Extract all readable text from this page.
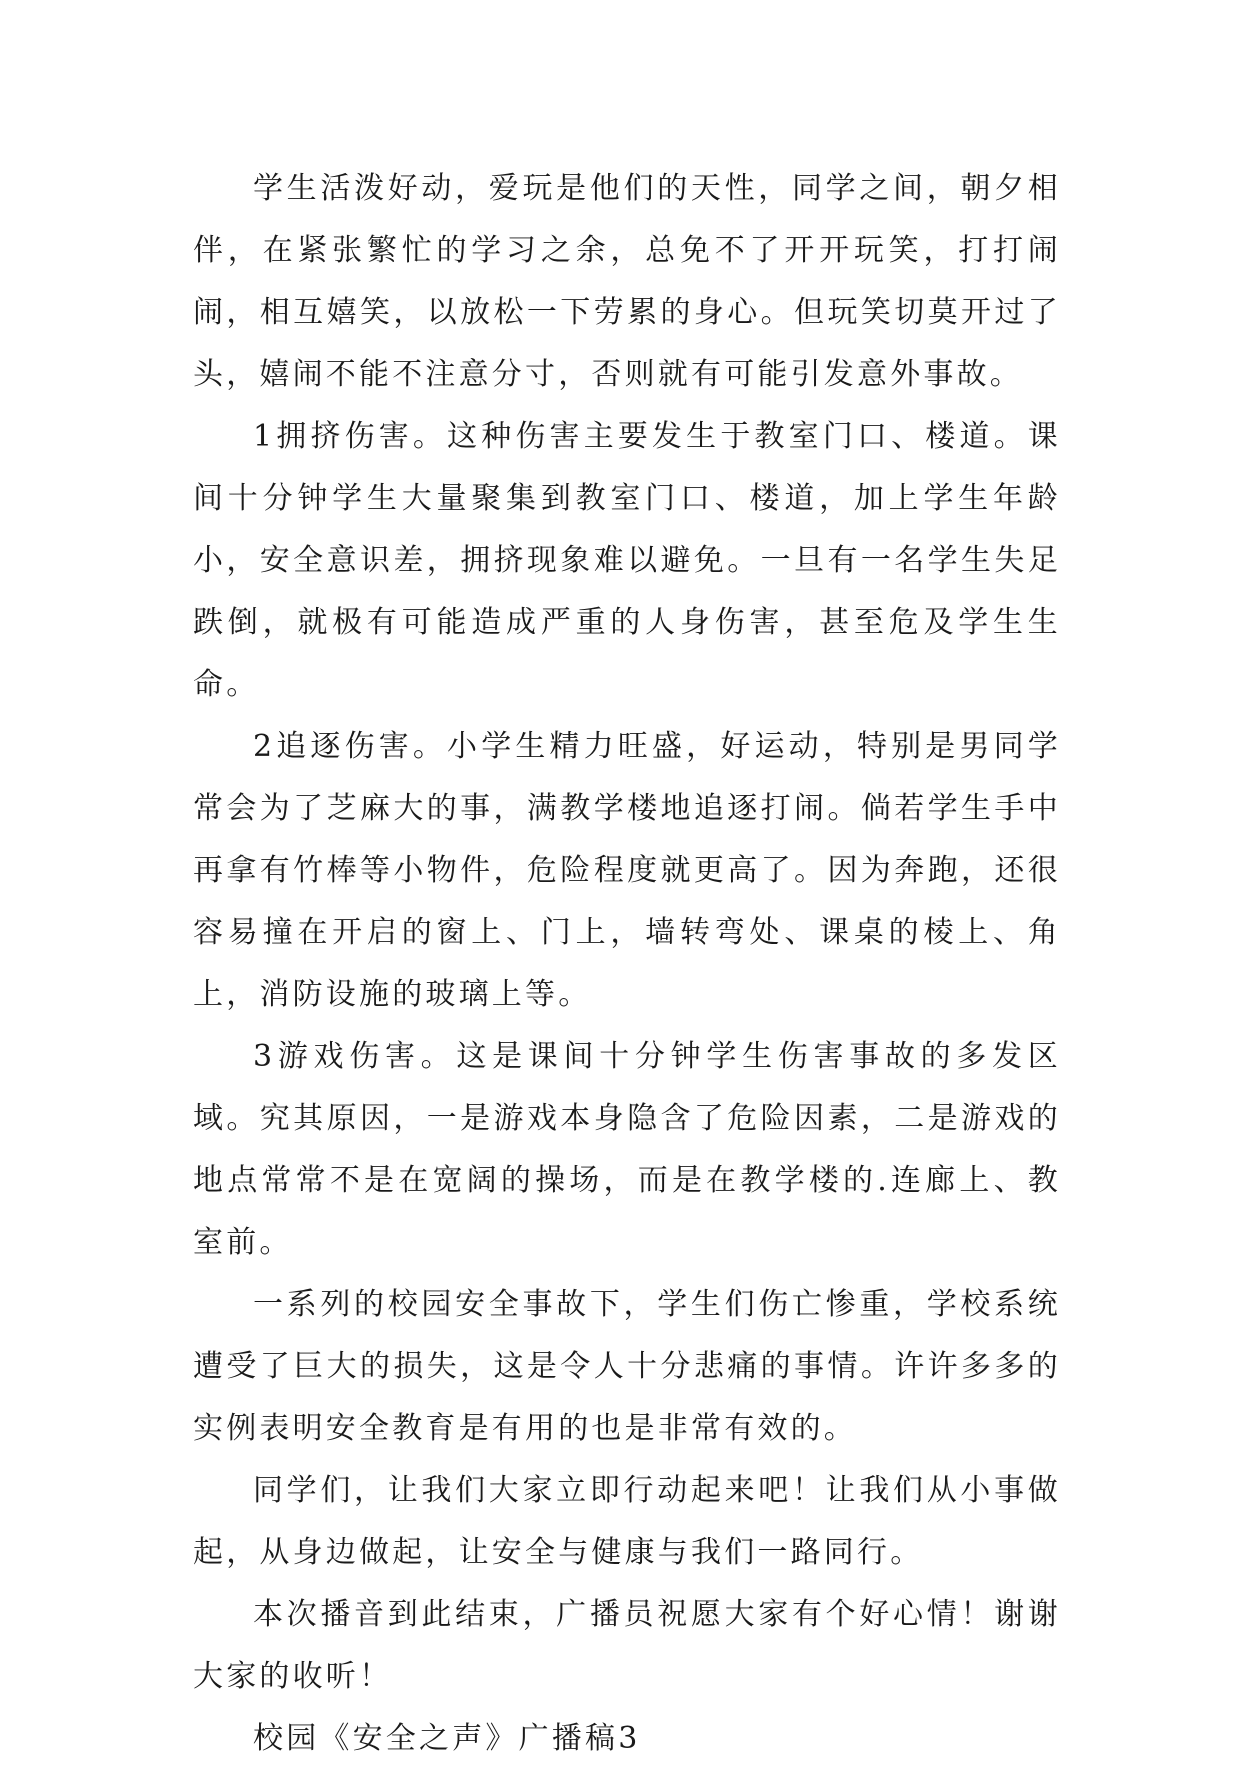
学生活泼好动，爱玩是他们的天性，同学之间，朝夕相伴，在紧张繁忙的学习之余，总免不了开开玩笑，打打闹闹，相互嬉笑，以放松一下劳累的身心。但玩笑切莫开过了头，嬉闹不能不注意分寸，否则就有可能引发意外事故。

1拥挤伤害。这种伤害主要发生于教室门口、楼道。课间十分钟学生大量聚集到教室门口、楼道，加上学生年龄小，安全意识差，拥挤现象难以避免。一旦有一名学生失足跌倒，就极有可能造成严重的人身伤害，甚至危及学生生命。

2追逐伤害。小学生精力旺盛，好运动，特别是男同学常会为了芝麻大的事，满教学楼地追逐打闹。倘若学生手中再拿有竹棒等小物件，危险程度就更高了。因为奔跑，还很容易撞在开启的窗上、门上，墙转弯处、课桌的棱上、角上，消防设施的玻璃上等。

3游戏伤害。这是课间十分钟学生伤害事故的多发区域。究其原因，一是游戏本身隐含了危险因素，二是游戏的地点常常不是在宽阔的操场，而是在教学楼的.连廊上、教室前。

一系列的校园安全事故下，学生们伤亡惨重，学校系统遭受了巨大的损失，这是令人十分悲痛的事情。许许多多的实例表明安全教育是有用的也是非常有效的。

同学们，让我们大家立即行动起来吧！让我们从小事做起，从身边做起，让安全与健康与我们一路同行。

本次播音到此结束，广播员祝愿大家有个好心情！谢谢大家的收听！

校园《安全之声》广播稿3
